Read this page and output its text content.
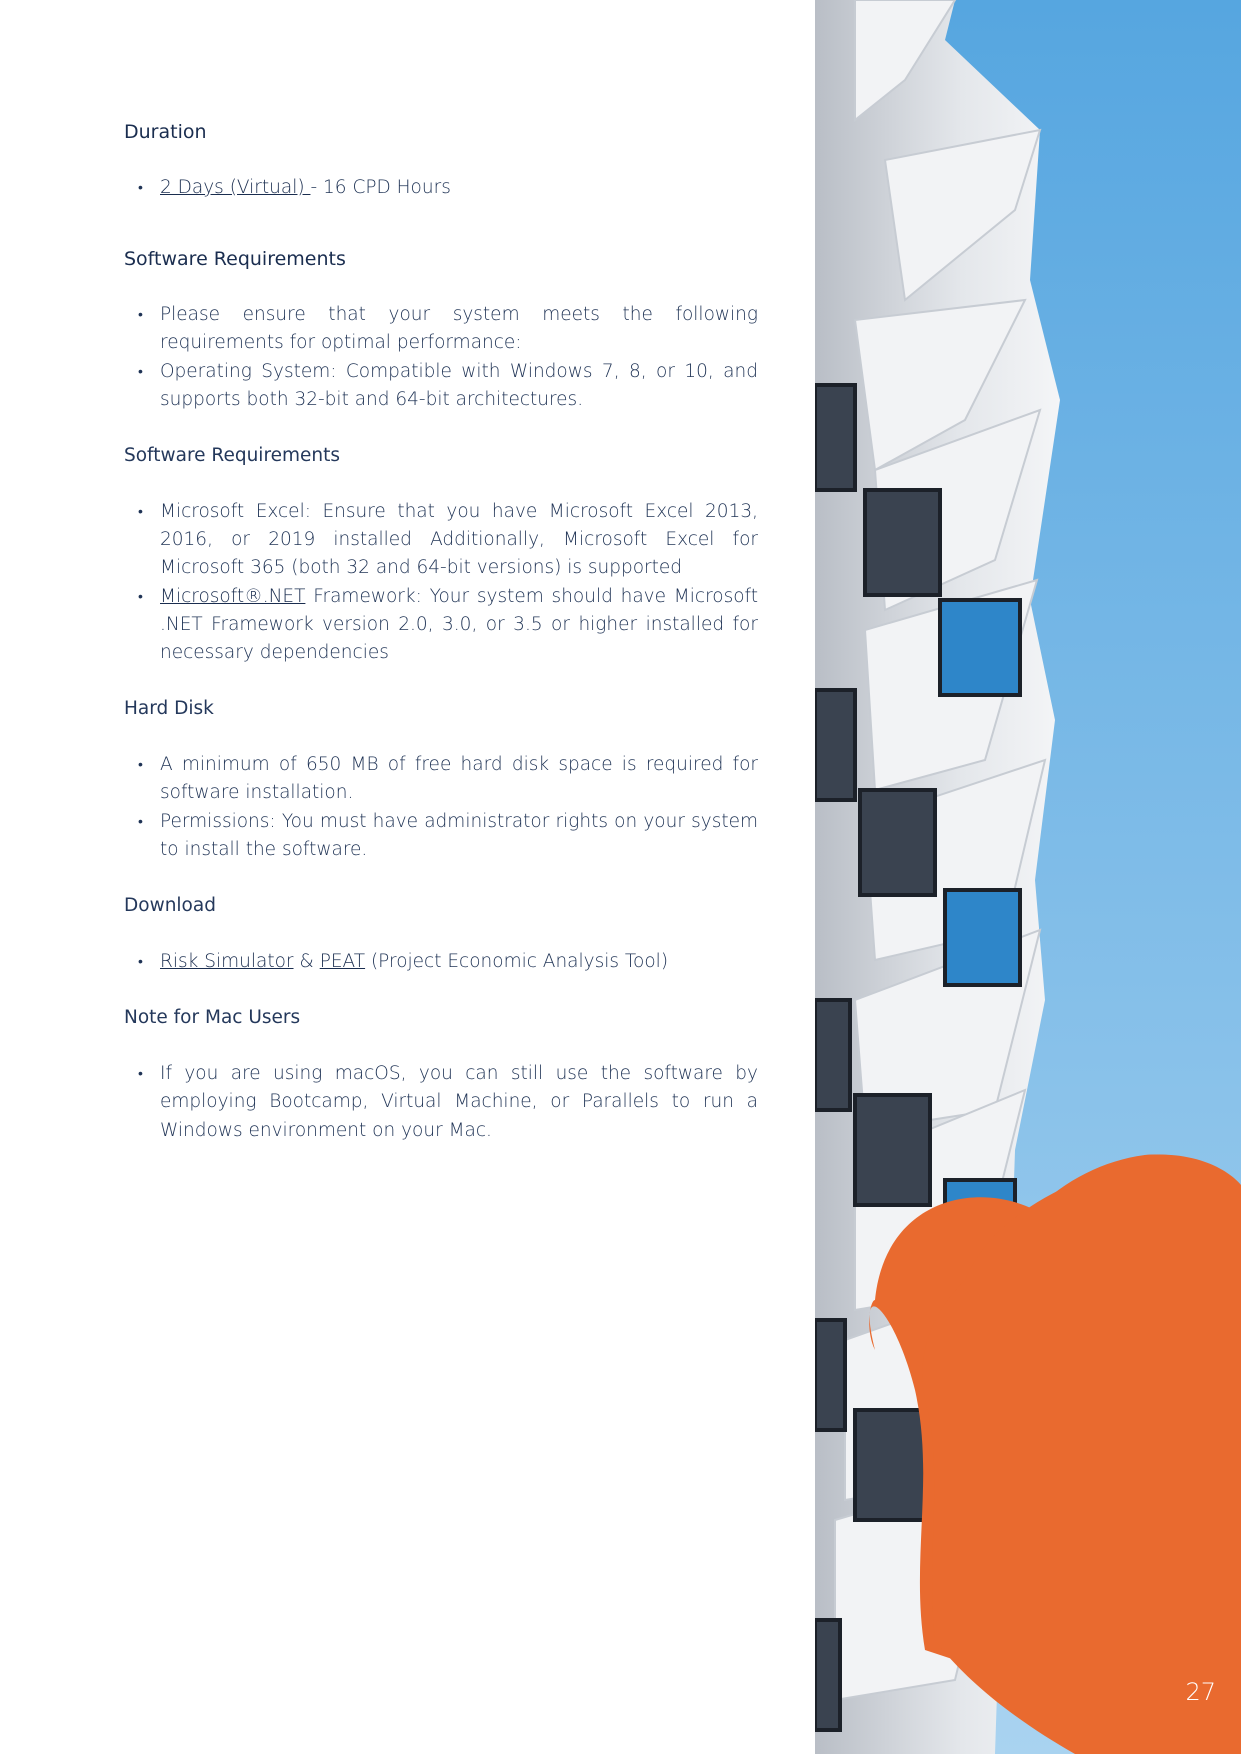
Duration
• 2 Days (Virtual) - 16 CPD Hours
Software Requirements
• Please ensure that your system meets the following requirements for optimal performance:
• Operating System: Compatible with Windows 7, 8, or 10, and supports both 32-bit and 64-bit architectures.
Software Requirements
• Microsoft Excel: Ensure that you have Microsoft Excel 2013, 2016, or 2019 installed Additionally, Microsoft Excel for Microsoft 365 (both 32 and 64-bit versions) is supported
• Microsoft®.NET Framework: Your system should have Microsoft .NET Framework version 2.0, 3.0, or 3.5 or higher installed for necessary dependencies
Hard Disk
• A minimum of 650 MB of free hard disk space is required for software installation.
• Permissions: You must have administrator rights on your system to install the software.
Download
• Risk Simulator & PEAT (Project Economic Analysis Tool)
Note for Mac Users
• If you are using macOS, you can still use the software by employing Bootcamp, Virtual Machine, or Parallels to run a Windows environment on your Mac.
27
